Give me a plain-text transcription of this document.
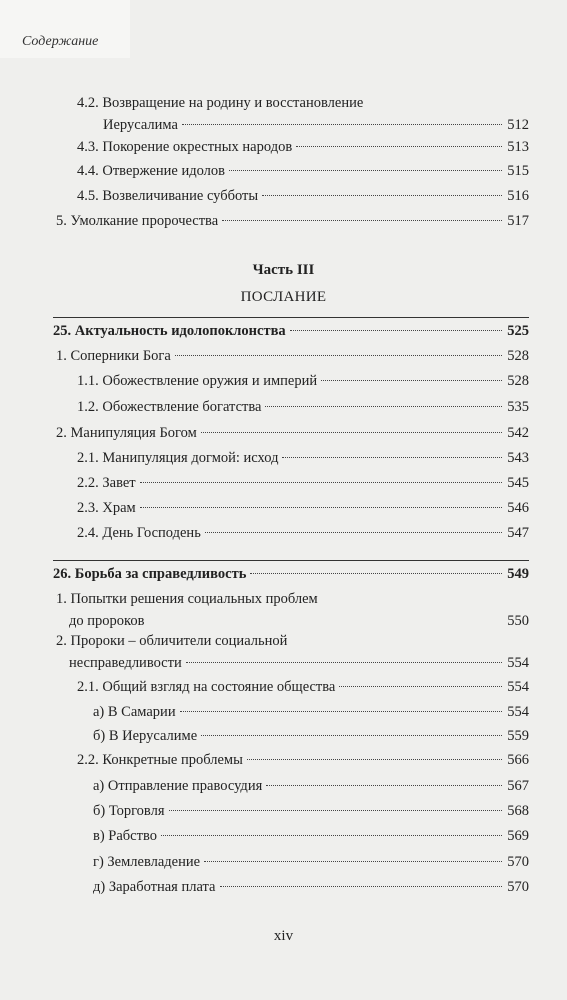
Содержание
4.2. Возвращение на родину и восстановление
Иерусалима	512
4.3. Покорение окрестных народов	513
4.4. Отвержение идолов	515
4.5. Возвеличивание субботы	516
5. Умолкание пророчества	517
Часть III
ПОСЛАНИЕ
25. Актуальность идолопоклонства	525
1. Соперники Бога	528
1.1. Обожествление оружия и империй	528
1.2. Обожествление богатства	535
2. Манипуляция Богом	542
2.1. Манипуляция догмой: исход	543
2.2. Завет	545
2.3. Храм	546
2.4. День Господень	547
26. Борьба за справедливость	549
1. Попытки решения социальных проблем
до пророков	550
2. Пророки – обличители социальной
несправедливости	554
2.1. Общий взгляд на состояние общества	554
а) В Самарии	554
б) В Иерусалиме	559
2.2. Конкретные проблемы	566
а) Отправление правосудия	567
б) Торговля	568
в) Рабство	569
г) Землевладение	570
д) Заработная плата	570
xiv
